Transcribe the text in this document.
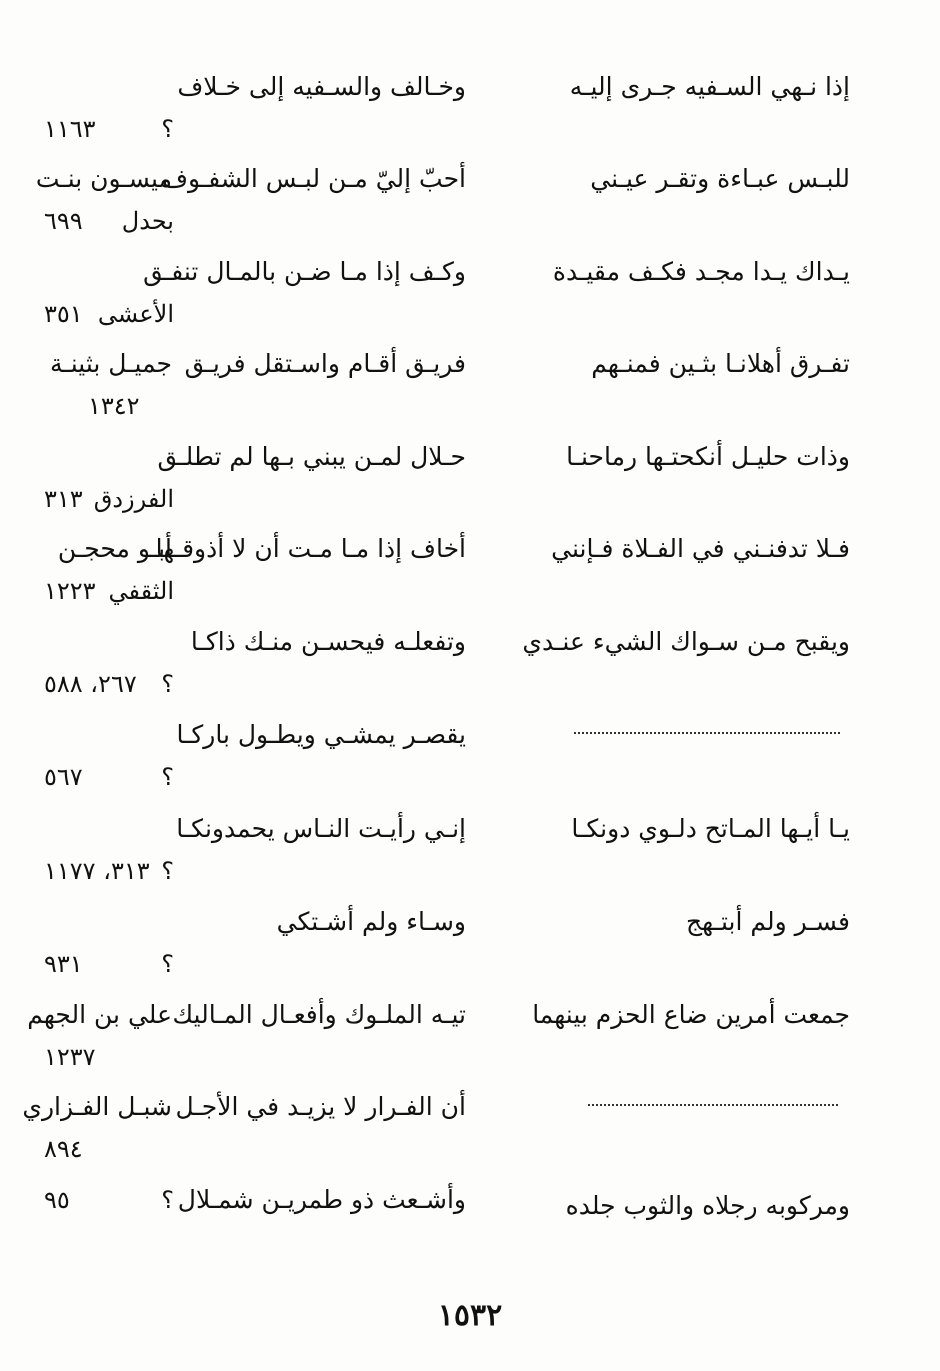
إذا نـهي السـفيه جـرى إليـه
وخـالف والسـفيه إلى خـلاف
؟
١١٦٣
للبـس عبـاءة وتقـر عيـني
أحبّ إليّ مـن لبـس الشفـوف
ميسـون بنـت
بحدل
٦٩٩
يـداك يـدا مجـد فكـف مقيـدة
وكـف إذا مـا ضـن بالمـال تنفـق
الأعشى
٣٥١
تفـرق أهلانـا بثـين فمنـهم
فريـق أقـام واسـتقل فريـق
جميـل بثينـة
١٣٤٢
وذات حليـل أنكحتـها رماحنـا
حـلال لمـن يبني بـها لم تطلـق
الفرزدق
٣١٣
فـلا تدفنـني في الفـلاة فـإنني
أخاف إذا مـا مـت أن لا أذوقـها
أبـو محجـن
الثقفي
١٢٢٣
ويقبح مـن سـواك الشيء عنـدي
وتفعلـه فيحسـن منـك ذاكـا
؟
٢٦٧، ٥٨٨
يقصـر يمشـي ويطـول باركـا
؟
٥٦٧
يـا أيـها المـاتح دلـوي دونكـا
إنـي رأيـت النـاس يحمدونكـا
؟
٣١٣، ١١٧٧
فسـر ولم أبتـهج
وسـاء ولم أشـتكي
؟
٩٣١
جمعت أمرين ضاع الحزم بينهما
تيـه الملـوك وأفعـال المـاليك
علي بن الجهم
١٢٣٧
أن الفـرار لا يزيـد في الأجـل
شبـل الفـزاري
٨٩٤
ومركوبه رجلاه والثوب جلده
وأشـعث ذو طمريـن شمـلال
؟
٩٥
١٥٣٢
